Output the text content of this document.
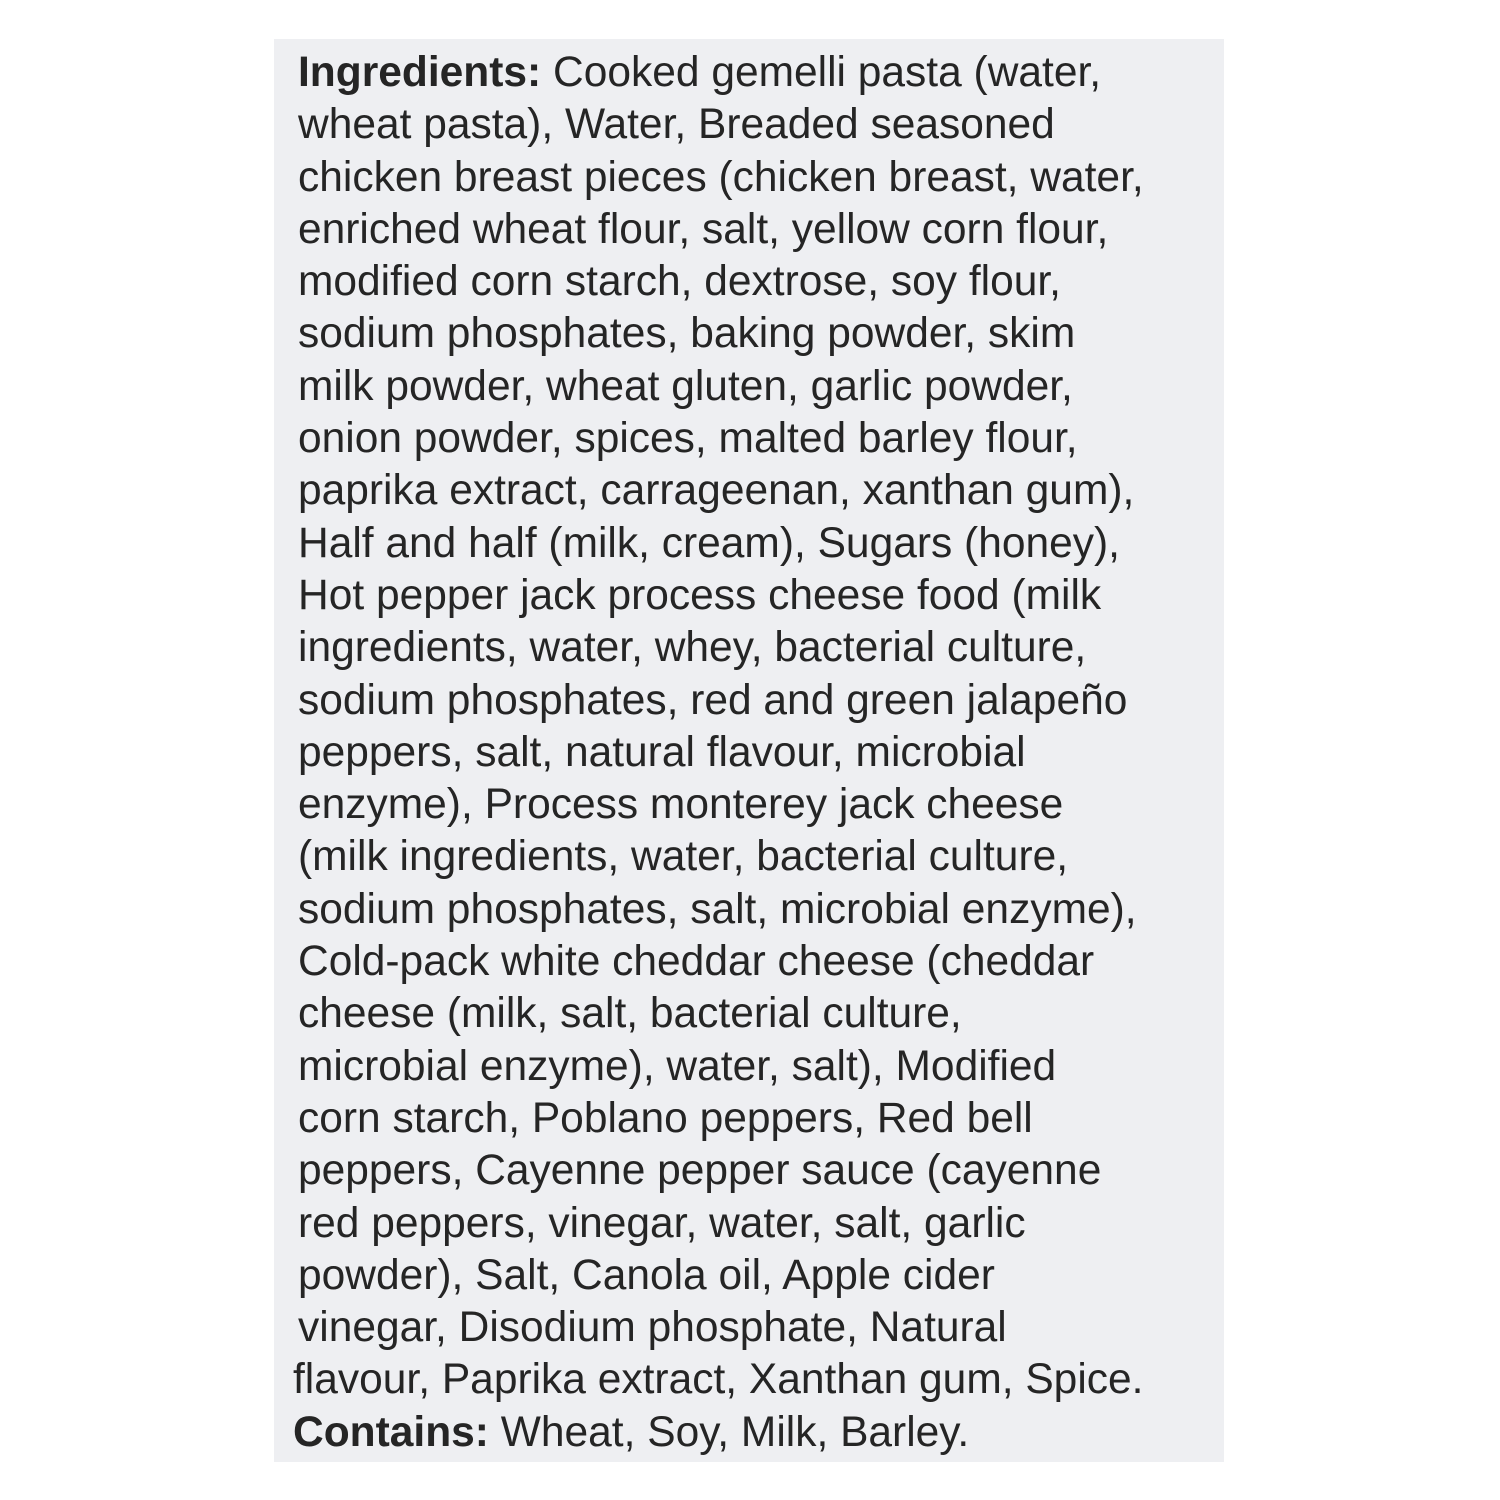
Ingredients: Cooked gemelli pasta (water,
wheat pasta), Water, Breaded seasoned
chicken breast pieces (chicken breast, water,
enriched wheat flour, salt, yellow corn flour,
modified corn starch, dextrose, soy flour,
sodium phosphates, baking powder, skim
milk powder, wheat gluten, garlic powder,
onion powder, spices, malted barley flour,
paprika extract, carrageenan, xanthan gum),
Half and half (milk, cream), Sugars (honey),
Hot pepper jack process cheese food (milk
ingredients, water, whey, bacterial culture,
sodium phosphates, red and green jalapeño
peppers, salt, natural flavour, microbial
enzyme), Process monterey jack cheese
(milk ingredients, water, bacterial culture,
sodium phosphates, salt, microbial enzyme),
Cold-pack white cheddar cheese (cheddar
cheese (milk, salt, bacterial culture,
microbial enzyme), water, salt), Modified
corn starch, Poblano peppers, Red bell
peppers, Cayenne pepper sauce (cayenne
red peppers, vinegar, water, salt, garlic
powder), Salt, Canola oil, Apple cider
vinegar, Disodium phosphate, Natural
flavour, Paprika extract, Xanthan gum, Spice.
Contains: Wheat, Soy, Milk, Barley.
